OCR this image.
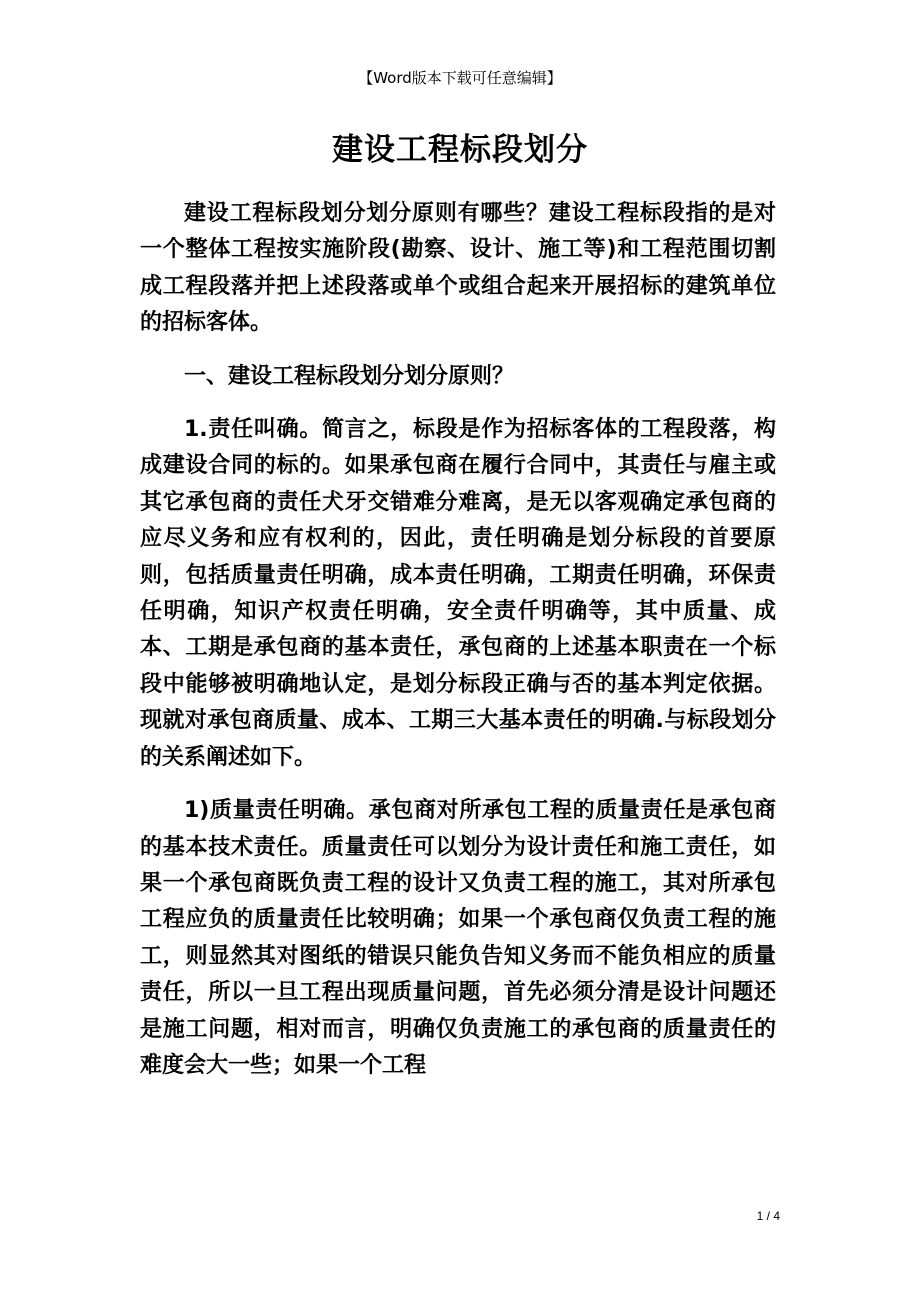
【Word版本下载可任意编辑】
建设工程标段划分

建设工程标段划分划分原则有哪些？建设工程标段指的是对一个整体工程按实施阶段(勘察、设计、施工等)和工程范围切割成工程段落并把上述段落或单个或组合起来开展招标的建筑单位的招标客体。

一、建设工程标段划分划分原则？

1.责任叫确。简言之，标段是作为招标客体的工程段落，构成建设合同的标的。如果承包商在履行合同中，其责任与雇主或其它承包商的责任犬牙交错难分难离，是无以客观确定承包商的应尽义务和应有权利的，因此，责任明确是划分标段的首要原则，包括质量责任明确，成本责任明确，工期责任明确，环保责任明确，知识产权责任明确，安全责仟明确等，其中质量、成本、工期是承包商的基本责任，承包商的上述基本职责在一个标段中能够被明确地认定，是划分标段正确与否的基本判定依据。现就对承包商质量、成本、工期三大基本责任的明确.与标段划分的关系阐述如下。

1)质量责任明确。承包商对所承包工程的质量责任是承包商的基本技术责任。质量责任可以划分为设计责任和施工责任，如果一个承包商既负责工程的设计又负责工程的施工，其对所承包工程应负的质量责任比较明确；如果一个承包商仅负责工程的施工，则显然其对图纸的错误只能负告知义务而不能负相应的质量责任，所以一旦工程出现质量问题，首先必须分清是设计问题还是施工问题，相对而言，明确仅负责施工的承包商的质量责任的难度会大一些；如果一个工程

1 / 4
